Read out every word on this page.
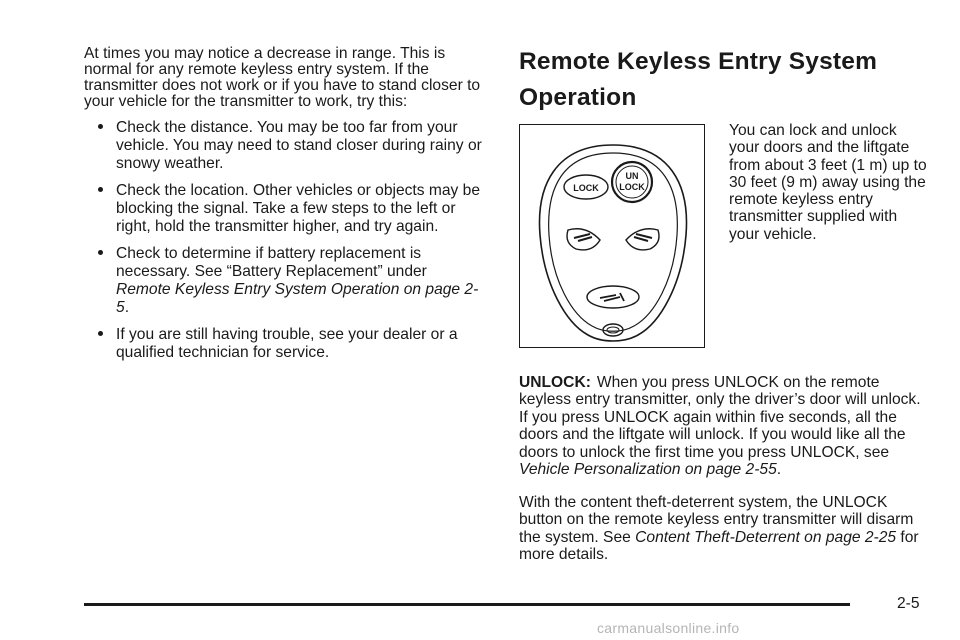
At times you may notice a decrease in range. This is normal for any remote keyless entry system. If the transmitter does not work or if you have to stand closer to your vehicle for the transmitter to work, try this:

Check the distance. You may be too far from your vehicle. You may need to stand closer during rainy or snowy weather.
Check the location. Other vehicles or objects may be blocking the signal. Take a few steps to the left or right, hold the transmitter higher, and try again.
Check to determine if battery replacement is necessary. See “Battery Replacement” under Remote Keyless Entry System Operation on page 2-5.
If you are still having trouble, see your dealer or a qualified technician for service.
Remote Keyless Entry System Operation
LOCK
UN
LOCK

You can lock and unlock your doors and the liftgate from about 3 feet (1 m) up to 30 feet (9 m) away using the remote keyless entry transmitter supplied with your vehicle.

UNLOCK: When you press UNLOCK on the remote keyless entry transmitter, only the driver’s door will unlock. If you press UNLOCK again within five seconds, all the doors and the liftgate will unlock. If you would like all the doors to unlock the first time you press UNLOCK, see Vehicle Personalization on page 2-55.

With the content theft-deterrent system, the UNLOCK button on the remote keyless entry transmitter will disarm the system. See Content Theft-Deterrent on page 2-25 for more details.

2-5
carmanualsonline.info
